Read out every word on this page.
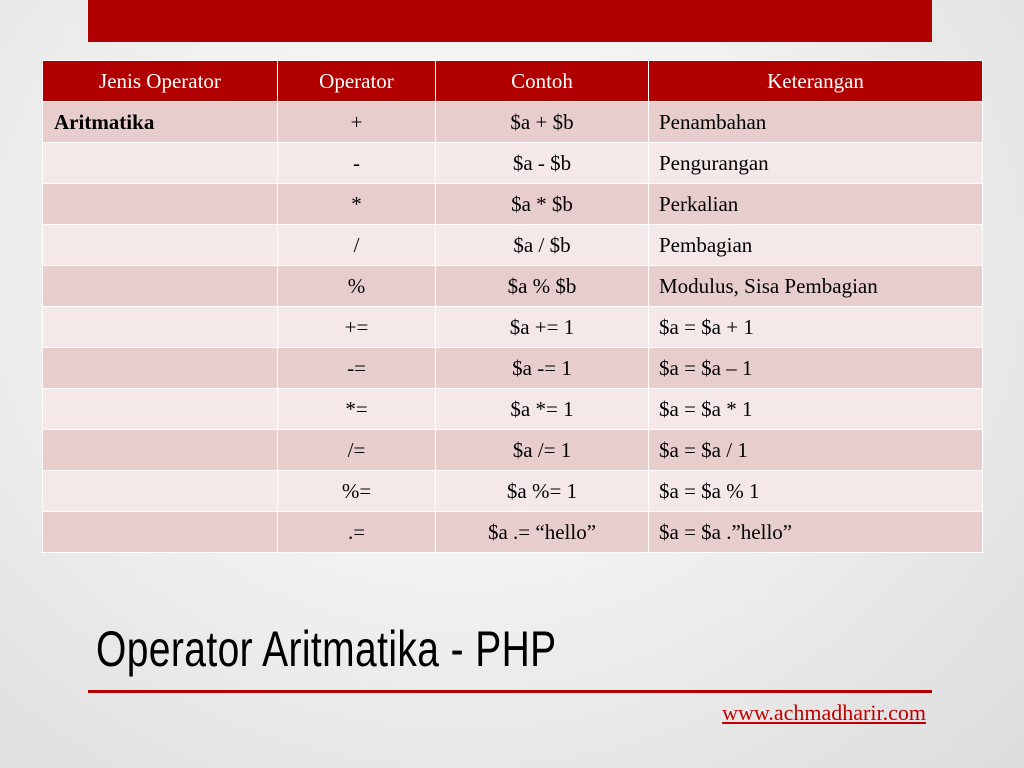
Jenis Operator	Operator	Contoh	Keterangan
Aritmatika	+	$a + $b	Penambahan
	-	$a - $b	Pengurangan
	*	$a * $b	Perkalian
	/	$a / $b	Pembagian
	%	$a % $b	Modulus, Sisa Pembagian
	+=	$a += 1	$a = $a + 1
	-=	$a -= 1	$a = $a – 1
	*=	$a *= 1	$a = $a * 1
	/=	$a /= 1	$a = $a / 1
	%=	$a %= 1	$a = $a % 1
	.=	$a .= “hello”	$a = $a .”hello”
Operator Aritmatika - PHP
www.achmadharir.com
